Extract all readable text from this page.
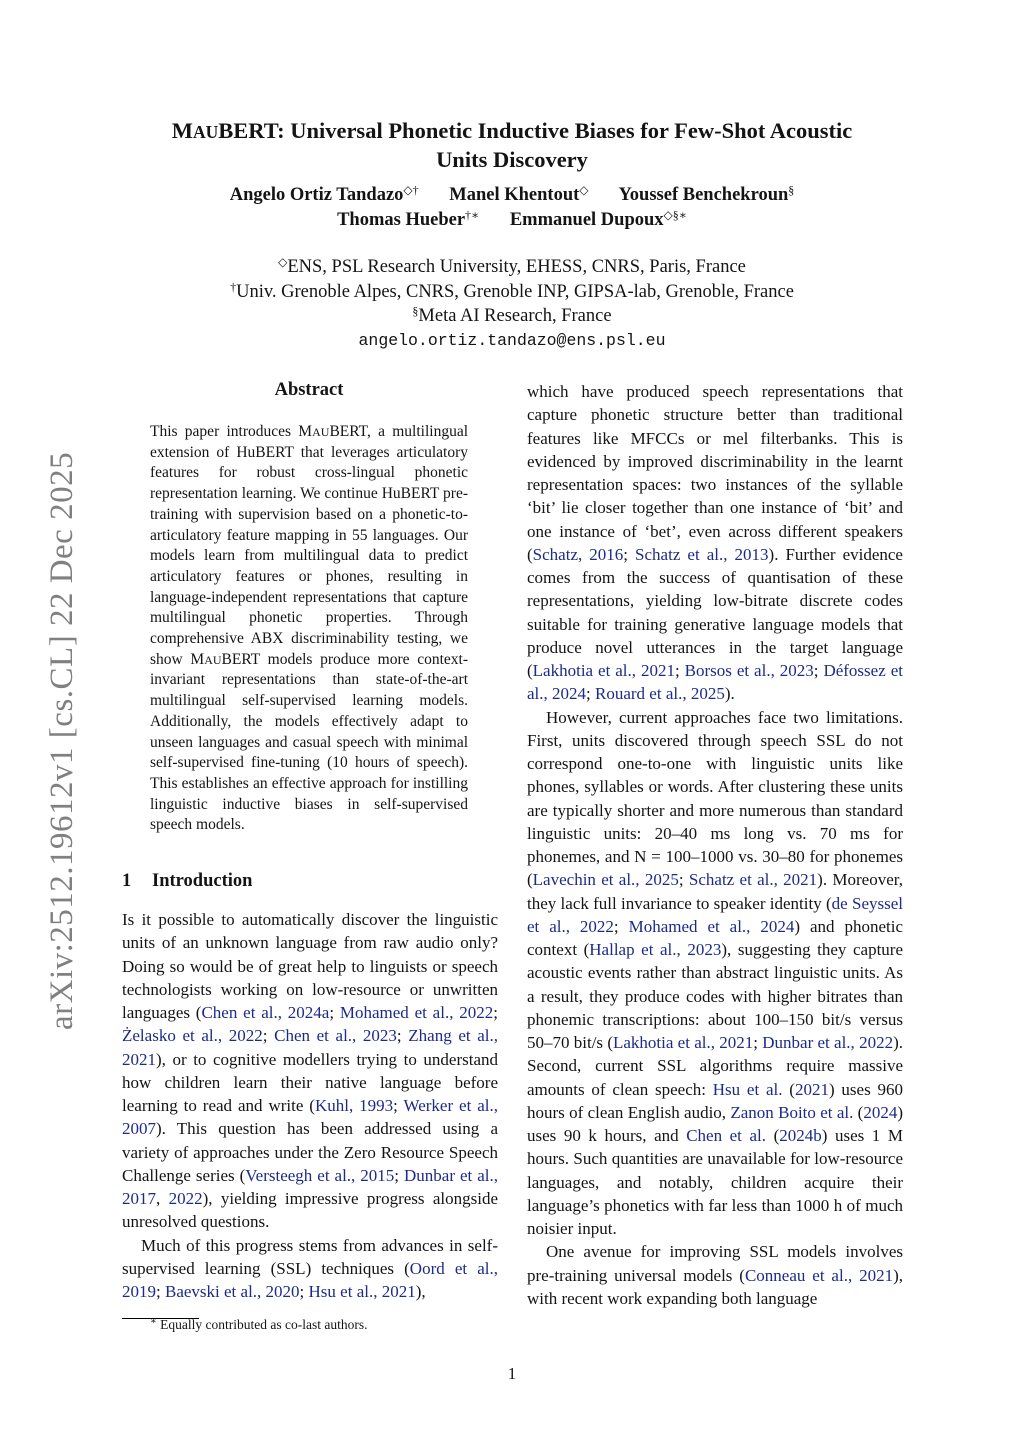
arXiv:2512.19612v1 [cs.CL] 22 Dec 2025
MAUBERT: Universal Phonetic Inductive Biases for Few-Shot Acoustic
Units Discovery
Angelo Ortiz Tandazo◇† Manel Khentout◇ Youssef Benchekroun§
Thomas Hueber†∗ Emmanuel Dupoux◇§∗
◇ENS, PSL Research University, EHESS, CNRS, Paris, France
†Univ. Grenoble Alpes, CNRS, Grenoble INP, GIPSA-lab, Grenoble, France
§Meta AI Research, France
angelo.ortiz.tandazo@ens.psl.eu
Abstract
This paper introduces MAUBERT, a multilingual extension of HuBERT that leverages articulatory features for robust cross-lingual phonetic representation learning. We continue HuBERT pre-training with supervision based on a phonetic-to-articulatory feature mapping in 55 languages. Our models learn from multilingual data to predict articulatory features or phones, resulting in language-independent representations that capture multilingual phonetic properties. Through comprehensive ABX discriminability testing, we show MAUBERT models produce more context-invariant representations than state-of-the-art multilingual self-supervised learning models. Additionally, the models effectively adapt to unseen languages and casual speech with minimal self-supervised fine-tuning (10 hours of speech). This establishes an effective approach for instilling linguistic inductive biases in self-supervised speech models.
1 Introduction

Is it possible to automatically discover the linguistic units of an unknown language from raw audio only? Doing so would be of great help to linguists or speech technologists working on low-resource or unwritten languages (Chen et al., 2024a; Mohamed et al., 2022; Żelasko et al., 2022; Chen et al., 2023; Zhang et al., 2021), or to cognitive modellers trying to understand how children learn their native language before learning to read and write (Kuhl, 1993; Werker et al., 2007). This question has been addressed using a variety of approaches under the Zero Resource Speech Challenge series (Versteegh et al., 2015; Dunbar et al., 2017, 2022), yielding impressive progress alongside unresolved questions.

Much of this progress stems from advances in self-supervised learning (SSL) techniques (Oord et al., 2019; Baevski et al., 2020; Hsu et al., 2021),

which have produced speech representations that capture phonetic structure better than traditional features like MFCCs or mel filterbanks. This is evidenced by improved discriminability in the learnt representation spaces: two instances of the syllable ‘bit’ lie closer together than one instance of ‘bit’ and one instance of ‘bet’, even across different speakers (Schatz, 2016; Schatz et al., 2013). Further evidence comes from the success of quantisation of these representations, yielding low-bitrate discrete codes suitable for training generative language models that produce novel utterances in the target language (Lakhotia et al., 2021; Borsos et al., 2023; Défossez et al., 2024; Rouard et al., 2025).

However, current approaches face two limitations. First, units discovered through speech SSL do not correspond one-to-one with linguistic units like phones, syllables or words. After clustering these units are typically shorter and more numerous than standard linguistic units: 20–40 ms long vs. 70 ms for phonemes, and N = 100–1000 vs. 30–80 for phonemes (Lavechin et al., 2025; Schatz et al., 2021). Moreover, they lack full invariance to speaker identity (de Seyssel et al., 2022; Mohamed et al., 2024) and phonetic context (Hallap et al., 2023), suggesting they capture acoustic events rather than abstract linguistic units. As a result, they produce codes with higher bitrates than phonemic transcriptions: about 100–150 bit/s versus 50–70 bit/s (Lakhotia et al., 2021; Dunbar et al., 2022). Second, current SSL algorithms require massive amounts of clean speech: Hsu et al. (2021) uses 960 hours of clean English audio, Zanon Boito et al. (2024) uses 90 k hours, and Chen et al. (2024b) uses 1 M hours. Such quantities are unavailable for low-resource languages, and notably, children acquire their language’s phonetics with far less than 1000 h of much noisier input.

One avenue for improving SSL models involves pre-training universal models (Conneau et al., 2021), with recent work expanding both language

∗ Equally contributed as co-last authors.
1
